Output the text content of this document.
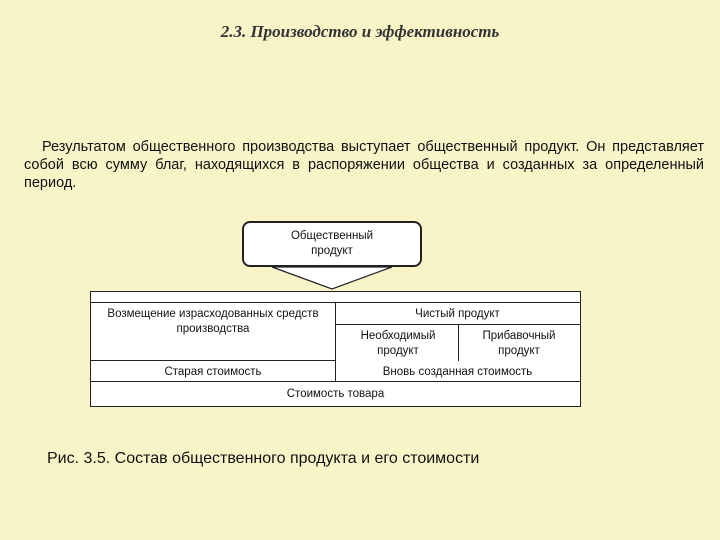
2.3. Производство и эффективность
Результатом общественного производства выступает общественный продукт. Он представляет собой всю сумму благ, находящихся в распоряжении общества и созданных за определенный период.
Общественный продукт
Возмещение израсходованных средств производства
Чистый продукт
Необходимый продукт
Прибавочный продукт
Старая стоимость	Вновь созданная стоимость
Стоимость товара
Рис. 3.5. Состав общественного продукта и его стоимости
